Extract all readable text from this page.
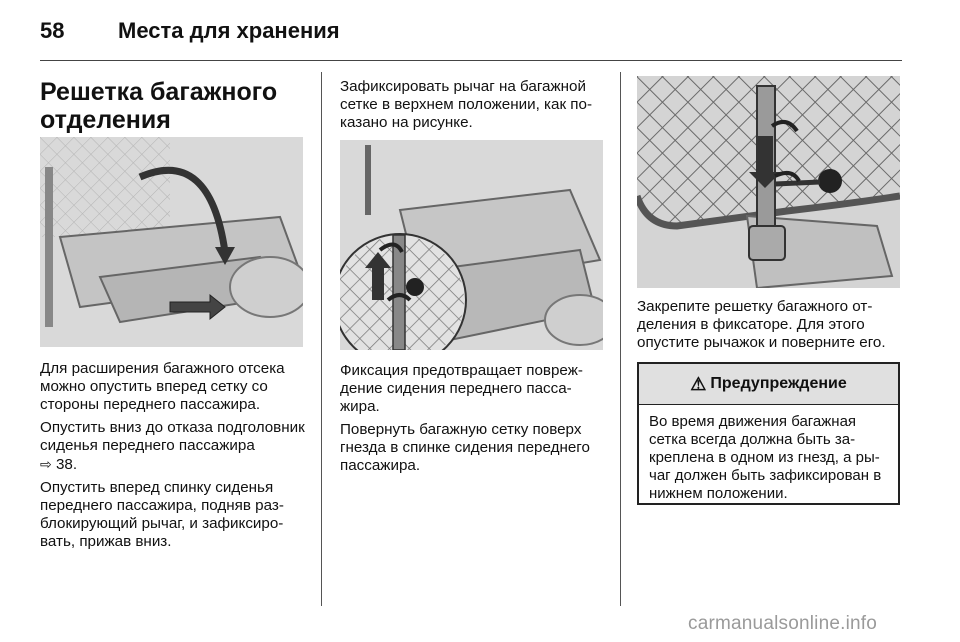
58 Места для хранения
Решетка багажного
отделения

Для расширения багажного отсека можно опустить вперед сетку со стороны переднего пассажира.

Опустить вниз до отказа подголовник сиденья переднего пассажира
⇨ 38.

Опустить вперед спинку сиденья переднего пассажира, подняв разблокирующий рычаг, и зафиксировать, прижав вниз.

Зафиксировать рычаг на багажной сетке в верхнем положении, как показано на рисунке.

Фиксация предотвращает повреждение сидения переднего пассажира.

Повернуть багажную сетку поверх гнезда в спинке сидения переднего пассажира.

Закрепите решетку багажного отделения в фиксаторе. Для этого опустите рычажок и поверните его.

⚠ Предупреждение
Во время движения багажная сетка всегда должна быть закреплена в одном из гнезд, а рычаг должен быть зафиксирован в нижнем положении.
carmanualsonline.info
